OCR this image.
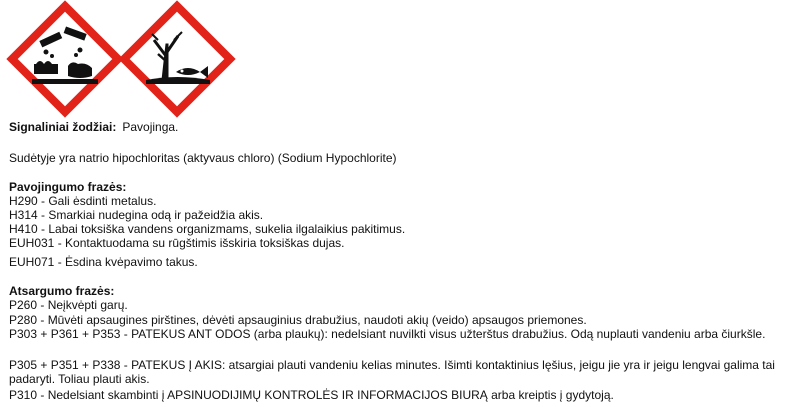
Signaliniai žodžiai: Pavojinga.
Sudėtyje yra natrio hipochloritas (aktyvaus chloro) (Sodium Hypochlorite)
Pavojingumo frazės:
H290 - Gali ėsdinti metalus.
H314 - Smarkiai nudegina odą ir pažeidžia akis.
H410 - Labai toksiška vandens organizmams, sukelia ilgalaikius pakitimus.
EUH031 - Kontaktuodama su rūgštimis išskiria toksiškas dujas.
EUH071 - Ėsdina kvėpavimo takus.
Atsargumo frazės:
P260 - Neįkvėpti garų.
P280 - Mūvėti apsaugines pirštines, dėvėti apsauginius drabužius, naudoti akių (veido) apsaugos priemones.
P303 + P361 + P353 - PATEKUS ANT ODOS (arba plaukų): nedelsiant nuvilkti visus užterštus drabužius. Odą nuplauti vandeniu arba čiurkšle.
P305 + P351 + P338 - PATEKUS Į AKIS: atsargiai plauti vandeniu kelias minutes. Išimti kontaktinius lęšius, jeigu jie yra ir jeigu lengvai galima tai padaryti. Toliau plauti akis.
P310 - Nedelsiant skambinti į APSINUODIJIMŲ KONTROLĖS IR INFORMACIJOS BIURĄ arba kreiptis į gydytoją.
